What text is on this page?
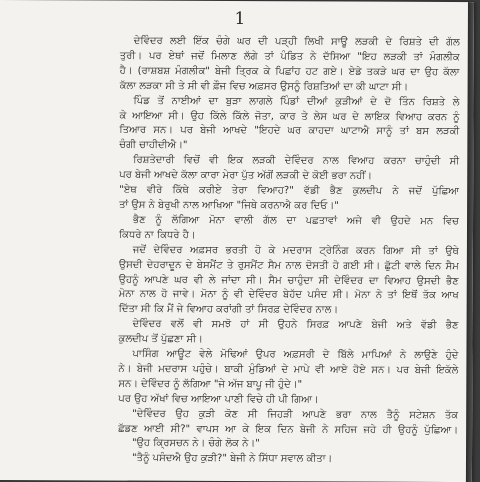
1
ਦੇਵਿੰਦਰ ਲਈ ਇੱਕ ਚੰਗੇ ਘਰ ਦੀ ਪੜ੍ਹੀ ਲਿਖੀ ਸਾਊ ਲੜਕੀ ਦੇ ਰਿਸ਼ਤੇ ਦੀ ਗੱਲ
ਤੁਰੀ। ਪਰ ਏਥਾਂ ਜਦੋਂ ਮਿਲਾਣ ਲੱਗੇ ਤਾਂ ਪੰਡਿਤ ਨੇ ਦੱਸਿਆ "ਇਹ ਲੜਕੀ ਤਾਂ ਮੰਗਲੀਕ
ਹੈ। (ਰਾਸ਼ਬਸ਼ ਮੰਗਲੀਕ" ਬੇਜੀ ਤ੍ਰਿਕ ਕੇ ਪਿਛਾਂਹ ਹਟ ਗਏ। ਏਡੇ ਤਕੜੇ ਘਰ ਦਾ ਉਹ ਕੱਲਾ
ਕੱਲਾ ਲੜਕਾ ਸੀ ਤੇ ਸੀ ਵੀ ਫ਼ੌਜ ਵਿਚ ਅਫ਼ਸਰ ਉਸਨੂੰ ਰਿਸ਼ਤਿਆਂ ਦਾ ਕੀ ਘਾਟਾ ਸੀ।
ਪਿੰਡ ਤੋਂ ਨਾਈਆਂ ਦਾ ਬੁੜਾ ਲਾਗਲੇ ਪਿੰਡਾਂ ਦੀਆਂ ਕੁੜੀਆਂ ਦੇ ਦੋ ਤਿੰਨ ਰਿਸ਼ਤੇ ਲੇ
ਕੇ ਆਇਆ ਸੀ। ਉਹ ਕਿੱਲੇ ਕਿੱਲੇ ਜੋਤਾ, ਕਾਰ ਤੇ ਲੇਸ ਘਰ ਦੇ ਲਾਇਕ ਵਿਆਹ ਕਰਨ ਨੂੰ
ਤਿਆਰ ਸਨ। ਪਰ ਬੇਜੀ ਆਖਦੇ "ਇਹਦੇ ਘਰ ਕਾਹਦਾ ਘਾਟਾਐ ਸਾਨੂੰ ਤਾਂ ਬਸ ਲੜਕੀ
ਚੰਗੀ ਚਾਹੀਦੀਐ।"
ਰਿਸ਼ਤੇਦਾਰੀ ਵਿਚੋਂ ਵੀ ਇਕ ਲੜਕੀ ਦੇਵਿੰਦਰ ਨਾਲ ਵਿਆਹ ਕਰਨਾ ਚਾਹੁੰਦੀ ਸੀ
ਪਰ ਬੇਜੀ ਆਖਦੇ ਕੱਲਾ ਕਾਰਾ ਮੇਰਾ ਪੁੱਤ ਅੱਗੋਂ ਲੜਕੀ ਦੇ ਕੋਈ ਭਰਾ ਨਹੀਂ।
"ਏਥ ਵੀਰੇ ਕਿੱਥੇ ਕਰੀਏ ਤੇਰਾ ਵਿਆਹ?" ਵੱਡੀ ਭੈਣ ਕੁਲਦੀਪ ਨੇ ਜਦੋਂ ਪੁੱਛਿਆ
ਤਾਂ ਉਸ ਨੇ ਬੇਰੁਖੀ ਨਾਲ ਆਖਿਆ "ਜਿਥੇ ਕਰਨਾਐ ਕਰ ਦਿਓ।"
ਭੈਣ ਨੂੰ ਲੱਗਿਆ ਮੋਨਾ ਵਾਲੀ ਗੱਲ ਦਾ ਪਛਤਾਵਾਂ ਅਜੇ ਵੀ ਉਹਦੇ ਮਨ ਵਿਚ
ਕਿਧਰੇ ਨਾ ਕਿਧਰੇ ਹੈ।
ਜਦੋਂ ਦੇਵਿੰਦਰ ਅਫ਼ਸਰ ਭਰਤੀ ਹੋ ਕੇ ਮਦਰਾਸ ਟ੍ਰੇਨਿੰਗ ਕਰਨ ਗਿਆ ਸੀ ਤਾਂ ਉਥੇ
ਉਸਦੀ ਦੇਹਰਾਦੂਨ ਦੇ ਬੇਸਮੈਂਟ ਤੇ ਰੁਸਮੈਂਟ ਸੈਮ ਨਾਲ ਦੋਸਤੀ ਹੋ ਗਈ ਸੀ। ਛੁੱਟੀ ਵਾਲੇ ਦਿਨ ਸੈਮ
ਉਹਨੂੰ ਆਪਣੇ ਘਰ ਵੀ ਲੇ ਜਾਂਦਾ ਸੀ। ਸੈਮ ਚਾਹੁੰਦਾ ਸੀ ਦੇਵਿੰਦਰ ਦਾ ਵਿਆਹ ਉਸਦੀ ਭੈਣ
ਮੋਨਾ ਨਾਲ ਹੋ ਜਾਵੇ। ਮੋਨਾ ਨੂੰ ਵੀ ਦੇਵਿੰਦਰ ਬੇਹੱਦ ਪਸੰਦ ਸੀ। ਮੋਨਾ ਨੇ ਤਾਂ ਇਥੋਂ ਤੱਕ ਆਖ
ਦਿੱਤਾ ਸੀ ਕਿ ਮੈਂ ਜੇ ਵਿਆਹ ਕਰਾਂਗੀ ਤਾਂ ਸਿਰਫ਼ ਦੇਵਿੰਦਰ ਨਾਲ।
ਦੇਵਿੰਦਰ ਵਲੋਂ ਵੀ ਸਮਝੋ ਹਾਂ ਸੀ ਉਹਨੇ ਸਿਰਫ਼ ਆਪਣੇ ਬੇਜੀ ਅਤੇ ਵੱਡੀ ਭੈਣ
ਕੁਲਦੀਪ ਤੋਂ ਪੁੱਛਣਾ ਸੀ।
ਪਾਸਿੰਗ ਆਊਟ ਵੇਲੇ ਮੋਢਿਆਂ ਉਪਰ ਅਫ਼ਸਰੀ ਦੇ ਬਿੱਲੇ ਮਾਪਿਆਂ ਨੇ ਲਾਉਣੇ ਹੁੰਦੇ
ਨੇ। ਬੇਜੀ ਮਦਰਾਸ ਪਹੁੰਚੇ। ਬਾਕੀ ਮੁੰਡਿਆਂ ਦੇ ਮਾਪੇ ਵੀ ਆਏ ਹੋਏ ਸਨ। ਪਰ ਬੇਜੀ ਇਕੱਲੇ
ਸਨ। ਦੇਵਿੰਦਰ ਨੂੰ ਲੱਗਿਆ "ਜੇ ਅੱਜ ਬਾਪੂ ਜੀ ਹੁੰਦੇ।"
ਪਰ ਉਹ ਅੱਖਾਂ ਵਿਚ ਆਇਆ ਪਾਣੀ ਵਿਚੇ ਹੀ ਪੀ ਗਿਆ।
"ਦੇਵਿੰਦਰ ਉਹ ਕੁੜੀ ਕੋਣ ਸੀ ਜਿਹੜੀ ਆਪਣੇ ਭਰਾ ਨਾਲ ਤੈਨੂੰ ਸਟੇਸ਼ਨ ਤੱਕ
ਛੱਡਣ ਆਈ ਸੀ?" ਵਾਪਸ ਆ ਕੇ ਇਕ ਦਿਨ ਬੇਜੀ ਨੇ ਸਹਿਜ ਜਹੇ ਹੀ ਉਹਨੂੰ ਪੁੱਛਿਆ।
"ਉਹ ਕ੍ਰਿਸਚਨ ਨੇ। ਚੰਗੇ ਲੋਕ ਨੇ।"
"ਤੈਨੂੰ ਪਸੰਦਐ ਉਹ ਕੁੜੀ?" ਬੇਜੀ ਨੇ ਸਿੱਧਾ ਸਵਾਲ ਕੀਤਾ।
